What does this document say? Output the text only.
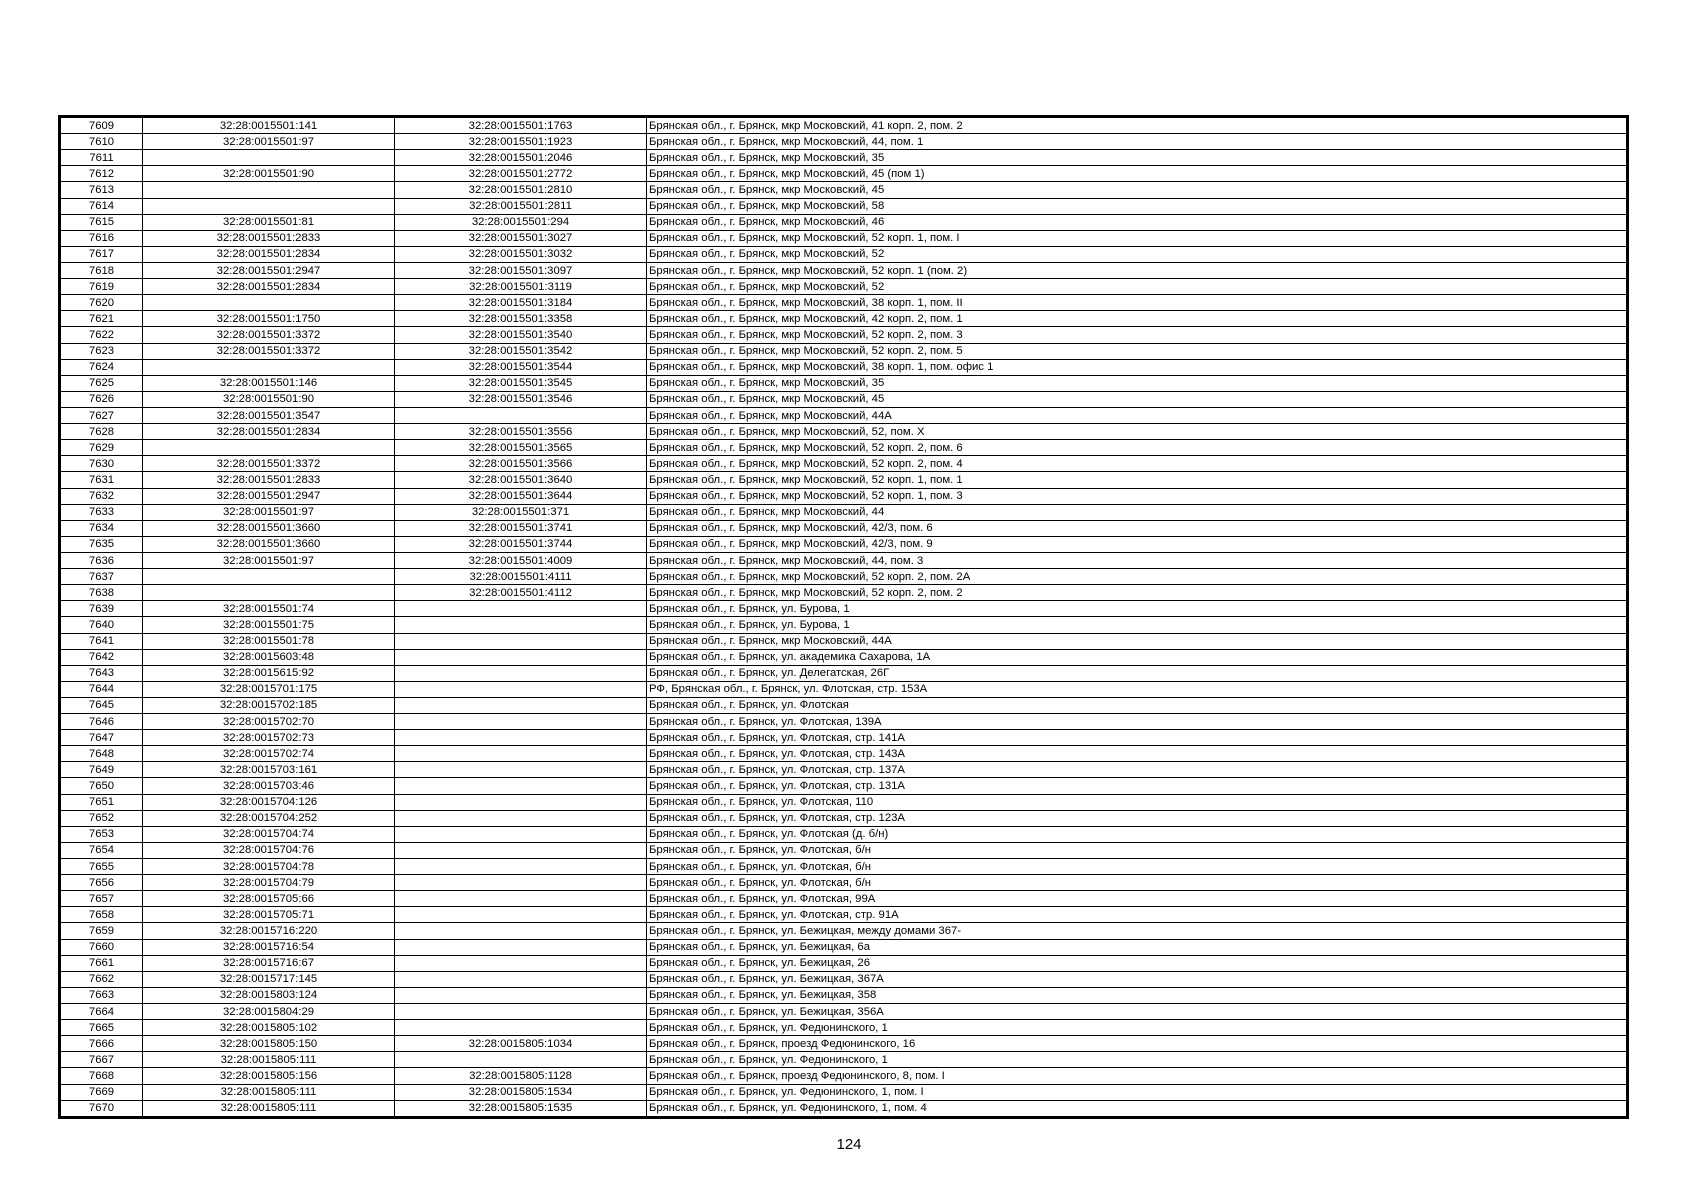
7609	32:28:0015501:141	32:28:0015501:1763	Брянская обл., г. Брянск, мкр Московский, 41 корп. 2, пом. 2
7610	32:28:0015501:97	32:28:0015501:1923	Брянская обл., г. Брянск, мкр Московский, 44, пом. 1
7611		32:28:0015501:2046	Брянская обл., г. Брянск, мкр Московский, 35
7612	32:28:0015501:90	32:28:0015501:2772	Брянская обл., г. Брянск, мкр Московский, 45 (пом 1)
7613		32:28:0015501:2810	Брянская обл., г. Брянск, мкр Московский, 45
7614		32:28:0015501:2811	Брянская обл., г. Брянск, мкр Московский, 58
7615	32:28:0015501:81	32:28:0015501:294	Брянская обл., г. Брянск, мкр Московский, 46
7616	32:28:0015501:2833	32:28:0015501:3027	Брянская обл., г. Брянск, мкр Московский, 52 корп. 1, пом. I
7617	32:28:0015501:2834	32:28:0015501:3032	Брянская обл., г. Брянск, мкр Московский, 52
7618	32:28:0015501:2947	32:28:0015501:3097	Брянская обл., г. Брянск, мкр Московский, 52 корп. 1 (пом. 2)
7619	32:28:0015501:2834	32:28:0015501:3119	Брянская обл., г. Брянск, мкр Московский, 52
7620		32:28:0015501:3184	Брянская обл., г. Брянск, мкр Московский, 38 корп. 1, пом. II
7621	32:28:0015501:1750	32:28:0015501:3358	Брянская обл., г. Брянск, мкр Московский, 42 корп. 2, пом. 1
7622	32:28:0015501:3372	32:28:0015501:3540	Брянская обл., г. Брянск, мкр Московский, 52 корп. 2, пом. 3
7623	32:28:0015501:3372	32:28:0015501:3542	Брянская обл., г. Брянск, мкр Московский, 52 корп. 2, пом. 5
7624		32:28:0015501:3544	Брянская обл., г. Брянск, мкр Московский, 38 корп. 1, пом. офис 1
7625	32:28:0015501:146	32:28:0015501:3545	Брянская обл., г. Брянск, мкр Московский, 35
7626	32:28:0015501:90	32:28:0015501:3546	Брянская обл., г. Брянск, мкр Московский, 45
7627	32:28:0015501:3547		Брянская обл., г. Брянск, мкр Московский, 44А
7628	32:28:0015501:2834	32:28:0015501:3556	Брянская обл., г. Брянск, мкр Московский, 52, пом. X
7629		32:28:0015501:3565	Брянская обл., г. Брянск, мкр Московский, 52 корп. 2, пом. 6
7630	32:28:0015501:3372	32:28:0015501:3566	Брянская обл., г. Брянск, мкр Московский, 52 корп. 2, пом. 4
7631	32:28:0015501:2833	32:28:0015501:3640	Брянская обл., г. Брянск, мкр Московский, 52 корп. 1, пом. 1
7632	32:28:0015501:2947	32:28:0015501:3644	Брянская обл., г. Брянск, мкр Московский, 52 корп. 1, пом. 3
7633	32:28:0015501:97	32:28:0015501:371	Брянская обл., г. Брянск, мкр Московский, 44
7634	32:28:0015501:3660	32:28:0015501:3741	Брянская обл., г. Брянск, мкр Московский, 42/3, пом. 6
7635	32:28:0015501:3660	32:28:0015501:3744	Брянская обл., г. Брянск, мкр Московский, 42/3, пом. 9
7636	32:28:0015501:97	32:28:0015501:4009	Брянская обл., г. Брянск, мкр Московский, 44, пом. 3
7637		32:28:0015501:4111	Брянская обл., г. Брянск, мкр Московский, 52 корп. 2, пом. 2А
7638		32:28:0015501:4112	Брянская обл., г. Брянск, мкр Московский, 52 корп. 2, пом. 2
7639	32:28:0015501:74		Брянская обл., г. Брянск, ул. Бурова, 1
7640	32:28:0015501:75		Брянская обл., г. Брянск, ул. Бурова, 1
7641	32:28:0015501:78		Брянская обл., г. Брянск, мкр Московский, 44А
7642	32:28:0015603:48		Брянская обл., г. Брянск, ул. академика Сахарова, 1А
7643	32:28:0015615:92		Брянская обл., г. Брянск, ул. Делегатская, 26Г
7644	32:28:0015701:175		РФ, Брянская обл., г. Брянск, ул. Флотская, стр. 153А
7645	32:28:0015702:185		Брянская обл., г. Брянск, ул. Флотская
7646	32:28:0015702:70		Брянская обл., г. Брянск, ул. Флотская, 139А
7647	32:28:0015702:73		Брянская обл., г. Брянск, ул. Флотская, стр. 141А
7648	32:28:0015702:74		Брянская обл., г. Брянск, ул. Флотская, стр. 143А
7649	32:28:0015703:161		Брянская обл., г. Брянск, ул. Флотская, стр. 137А
7650	32:28:0015703:46		Брянская обл., г. Брянск, ул. Флотская, стр. 131А
7651	32:28:0015704:126		Брянская обл., г. Брянск, ул. Флотская, 110
7652	32:28:0015704:252		Брянская обл., г. Брянск, ул. Флотская, стр. 123А
7653	32:28:0015704:74		Брянская обл., г. Брянск, ул. Флотская (д. б/н)
7654	32:28:0015704:76		Брянская обл., г. Брянск, ул. Флотская, б/н
7655	32:28:0015704:78		Брянская обл., г. Брянск, ул. Флотская, б/н
7656	32:28:0015704:79		Брянская обл., г. Брянск, ул. Флотская, б/н
7657	32:28:0015705:66		Брянская обл., г. Брянск, ул. Флотская, 99А
7658	32:28:0015705:71		Брянская обл., г. Брянск, ул. Флотская, стр. 91А
7659	32:28:0015716:220		Брянская обл., г. Брянск, ул. Бежицкая, между домами 367-
7660	32:28:0015716:54		Брянская обл., г. Брянск, ул. Бежицкая, 6а
7661	32:28:0015716:67		Брянская обл., г. Брянск, ул. Бежицкая, 26
7662	32:28:0015717:145		Брянская обл., г. Брянск, ул. Бежицкая, 367А
7663	32:28:0015803:124		Брянская обл., г. Брянск, ул. Бежицкая, 358
7664	32:28:0015804:29		Брянская обл., г. Брянск, ул. Бежицкая, 356А
7665	32:28:0015805:102		Брянская обл., г. Брянск, ул. Федюнинского, 1
7666	32:28:0015805:150	32:28:0015805:1034	Брянская обл., г. Брянск, проезд Федюнинского, 16
7667	32:28:0015805:111		Брянская обл., г. Брянск, ул. Федюнинского, 1
7668	32:28:0015805:156	32:28:0015805:1128	Брянская обл., г. Брянск, проезд Федюнинского, 8, пом. I
7669	32:28:0015805:111	32:28:0015805:1534	Брянская обл., г. Брянск, ул. Федюнинского, 1, пом. I
7670	32:28:0015805:111	32:28:0015805:1535	Брянская обл., г. Брянск, ул. Федюнинского, 1, пом. 4
124
